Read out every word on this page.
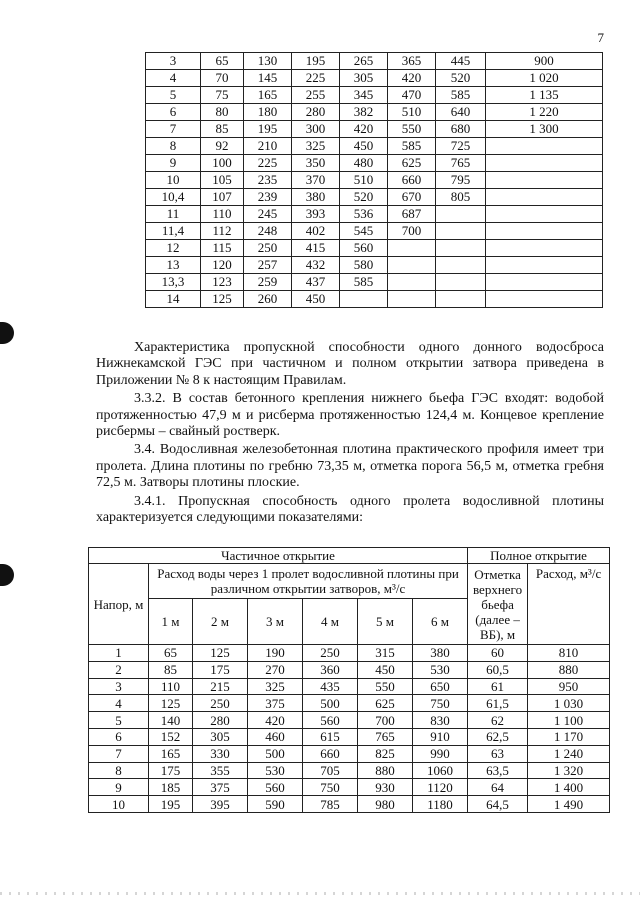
7
3	65	130	195	265	365	445	900
4	70	145	225	305	420	520	1 020
5	75	165	255	345	470	585	1 135
6	80	180	280	382	510	640	1 220
7	85	195	300	420	550	680	1 300
8	92	210	325	450	585	725	
9	100	225	350	480	625	765	
10	105	235	370	510	660	795	
10,4	107	239	380	520	670	805	
11	110	245	393	536	687		
11,4	112	248	402	545	700		
12	115	250	415	560			
13	120	257	432	580			
13,3	123	259	437	585			
14	125	260	450				

Характеристика пропускной способности одного донного водосброса Нижнекамской ГЭС при частичном и полном открытии затвора приведена в Приложении № 8 к настоящим Правилам.

3.3.2. В состав бетонного крепления нижнего бьефа ГЭС входят: водобой протяженностью 47,9 м и рисберма протяженностью 124,4 м. Концевое крепление рисбермы – свайный ростверк.

3.4. Водосливная железобетонная плотина практического профиля имеет три пролета. Длина плотины по гребню 73,35 м, отметка порога 56,5 м, отметка гребня 72,5 м. Затворы плотины плоские.

3.4.1. Пропускная способность одного пролета водосливной плотины характеризуется следующими показателями:

Частичное открытие							Полное открытие	
Напор, м	Расход воды через 1 пролет водосливной плотины при различном открытии затворов, м³/с						Отметка верхнего бьефа (далее – ВБ), м	Расход, м³/с
	1 м	2 м	3 м	4 м	5 м	6 м		
1	65	125	190	250	315	380	60	810
2	85	175	270	360	450	530	60,5	880
3	110	215	325	435	550	650	61	950
4	125	250	375	500	625	750	61,5	1 030
5	140	280	420	560	700	830	62	1 100
6	152	305	460	615	765	910	62,5	1 170
7	165	330	500	660	825	990	63	1 240
8	175	355	530	705	880	1060	63,5	1 320
9	185	375	560	750	930	1120	64	1 400
10	195	395	590	785	980	1180	64,5	1 490
